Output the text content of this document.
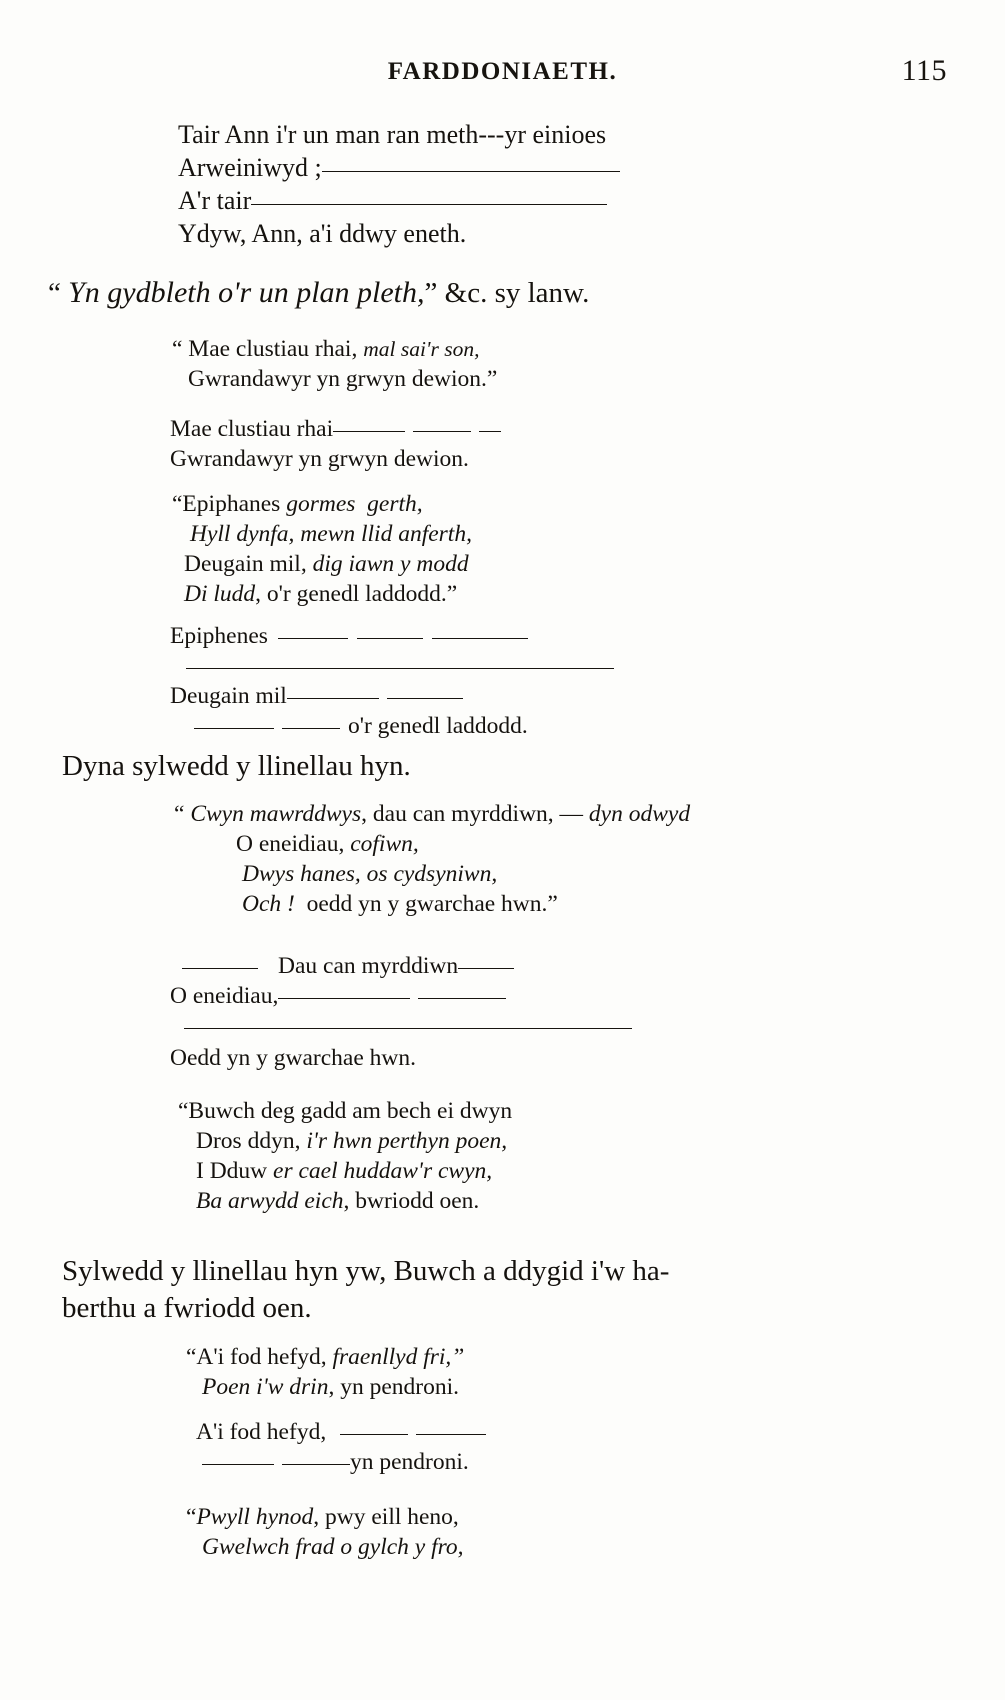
FARDDONIAETH.	115
Tair Ann i'r un man ran meth---yr einioes
Arweiniwyd ;
A'r tair
Ydyw, Ann, a'i ddwy eneth.
“ Yn gydbleth o'r un plan pleth,” &c. sy lanw.
“ Mae clustiau rhai, mal sai'r son,
Gwrandawyr yn grwyn dewion.”
Mae clustiau rhai
Gwrandawyr yn grwyn dewion.
“Epiphanes gormes  gerth,
Hyll dynfa, mewn llid anferth,
Deugain mil, dig iawn y modd
Di ludd, o'r genedl laddodd.”
Epiphenes
Deugain mil
o'r genedl laddodd.
Dyna sylwedd y llinellau hyn.
“ Cwyn mawrddwys, dau can myrddiwn, — dyn odwyd
O eneidiau, cofiwn,
Dwys hanes, os cydsyniwn,
Och !  oedd yn y gwarchae hwn.”
Dau can myrddiwn
O eneidiau,
Oedd yn y gwarchae hwn.
“Buwch deg gadd am bech ei dwyn
Dros ddyn, i'r hwn perthyn poen,
I Dduw er cael huddaw'r cwyn,
Ba arwydd eich, bwriodd oen.
Sylwedd y llinellau hyn yw, Buwch a ddygid i'w ha-
berthu a fwriodd oen.
“A'i fod hefyd, fraenllyd fri,”
Poen i'w drin, yn pendroni.
A'i fod hefyd,
yn pendroni.
“Pwyll hynod, pwy eill heno,
Gwelwch frad o gylch y fro,
